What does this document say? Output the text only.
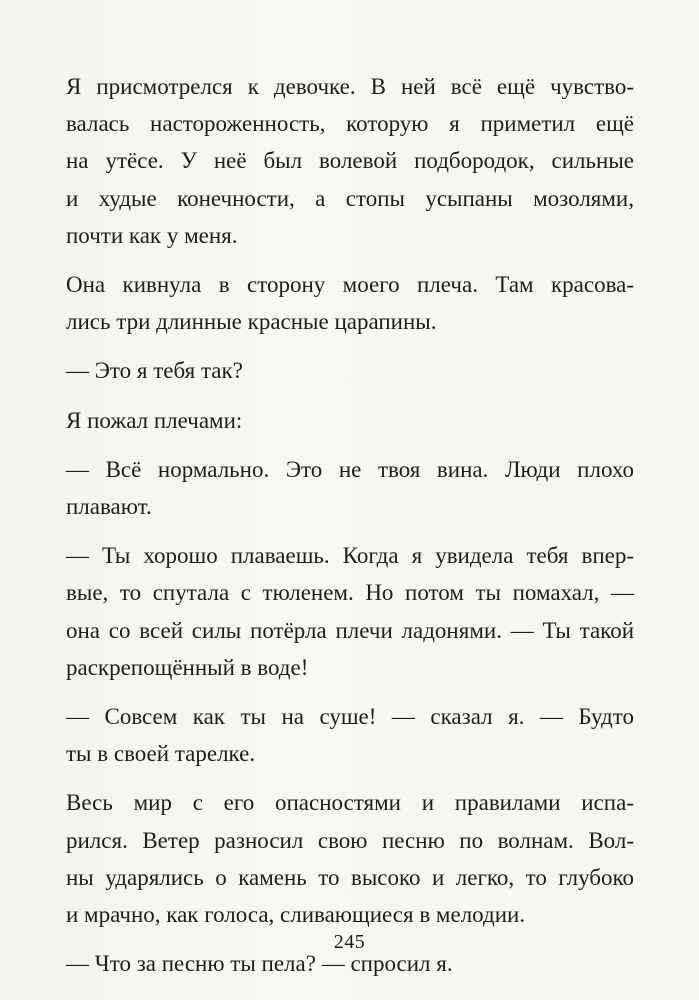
Я присмотрелся к девочке. В ней всё ещё чувство-
валась настороженность, которую я приметил ещё
на утёсе. У неё был волевой подбородок, сильные
и худые конечности, а стопы усыпаны мозолями,
почти как у меня.

Она кивнула в сторону моего плеча. Там красова-
лись три длинные красные царапины.

— Это я тебя так?

Я пожал плечами:

— Всё нормально. Это не твоя вина. Люди плохо
плавают.

— Ты хорошо плаваешь. Когда я увидела тебя впер-
вые, то спутала с тюленем. Но потом ты помахал, —
она со всей силы потёрла плечи ладонями. — Ты такой
раскрепощённый в воде!

— Совсем как ты на суше! — сказал я. — Будто
ты в своей тарелке.

Весь мир с его опасностями и правилами испа-
рился. Ветер разносил свою песню по волнам. Вол-
ны ударялись о камень то высоко и легко, то глубоко
и мрачно, как голоса, сливающиеся в мелодии.

— Что за песню ты пела? — спросил я.

245
